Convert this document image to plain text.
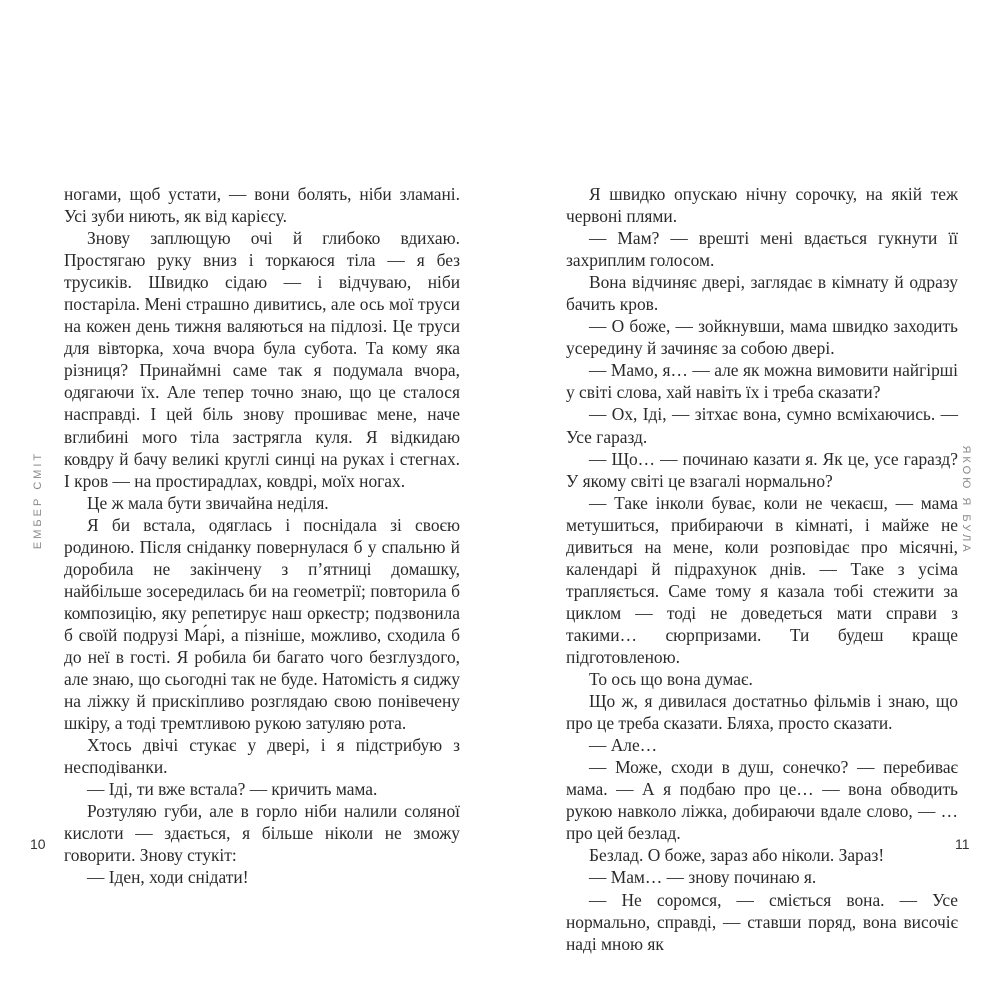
ЕМБЕР СМІТ

ногами, щоб устати, — вони болять, ніби зламані. Усі зуби ниють, як від карієсу.

Знову заплющую очі й глибоко вдихаю. Простягаю руку вниз і торкаюся тіла — я без трусиків. Швидко сідаю — і відчуваю, ніби постаріла. Мені страшно дивитись, але ось мої труси на кожен день тижня валяються на підлозі. Це труси для вівторка, хоча вчора була субота. Та кому яка різниця? Принаймні саме так я подумала вчора, одягаючи їх. Але тепер точно знаю, що це сталося насправді. І цей біль знову прошиває мене, наче вглибині мого тіла застрягла куля. Я відкидаю ковдру й бачу великі круглі синці на руках і стегнах. І кров — на простирадлах, ковдрі, моїх ногах.

Це ж мала бути звичайна неділя.

Я би встала, одяглась і поснідала зі своєю родиною. Після сніданку повернулася б у спальню й доробила не закінчену з п’ятниці домашку, найбільше зосередилась би на геометрії; повторила б композицію, яку репетирує наш оркестр; подзвонила б своїй подрузі Ма́рі, а пізніше, можливо, сходила б до неї в гості. Я робила би багато чого безглуздого, але знаю, що сьогодні так не буде. Натомість я сиджу на ліжку й прискіпливо розглядаю свою понівечену шкіру, а тоді тремтливою рукою затуляю рота.

Хтось двічі стукає у двері, і я підстрибую з несподіванки.

— Іді, ти вже встала? — кричить мама.

Розтуляю губи, але в горло ніби налили соляної кислоти — здається, я більше ніколи не зможу говорити. Знову стукіт:

— Іден, ходи снідати!

10
ЯКОЮ Я БУЛА

Я швидко опускаю нічну сорочку, на якій теж червоні плями.

— Мам? — врешті мені вдається гукнути її захриплим голосом.

Вона відчиняє двері, заглядає в кімнату й одразу бачить кров.

— О боже, — зойкнувши, мама швидко заходить усередину й зачиняє за собою двері.

— Мамо, я… — але як можна вимовити найгірші у світі слова, хай навіть їх і треба сказати?

— Ох, Іді, — зітхає вона, сумно всміхаючись. — Усе гаразд.

— Що… — починаю казати я. Як це, усе гаразд? У якому світі це взагалі нормально?

— Таке інколи буває, коли не чекаєш, — мама метушиться, прибираючи в кімнаті, і майже не дивиться на мене, коли розповідає про місячні, календарі й підрахунок днів. — Таке з усіма трапляється. Саме тому я казала тобі стежити за циклом — тоді не доведеться мати справи з такими… сюрпризами. Ти будеш краще підготовленою.

То ось що вона думає.

Що ж, я дивилася достатньо фільмів і знаю, що про це треба сказати. Бляха, просто сказати.

— Але…

— Може, сходи в душ, сонечко? — перебиває мама. — А я подбаю про це… — вона обводить рукою навколо ліжка, добираючи вдале слово, — …про цей безлад.

Безлад. О боже, зараз або ніколи. Зараз!

— Мам… — знову починаю я.

— Не соромся, — сміється вона. — Усе нормально, справді, — ставши поряд, вона височіє наді мною як

11
